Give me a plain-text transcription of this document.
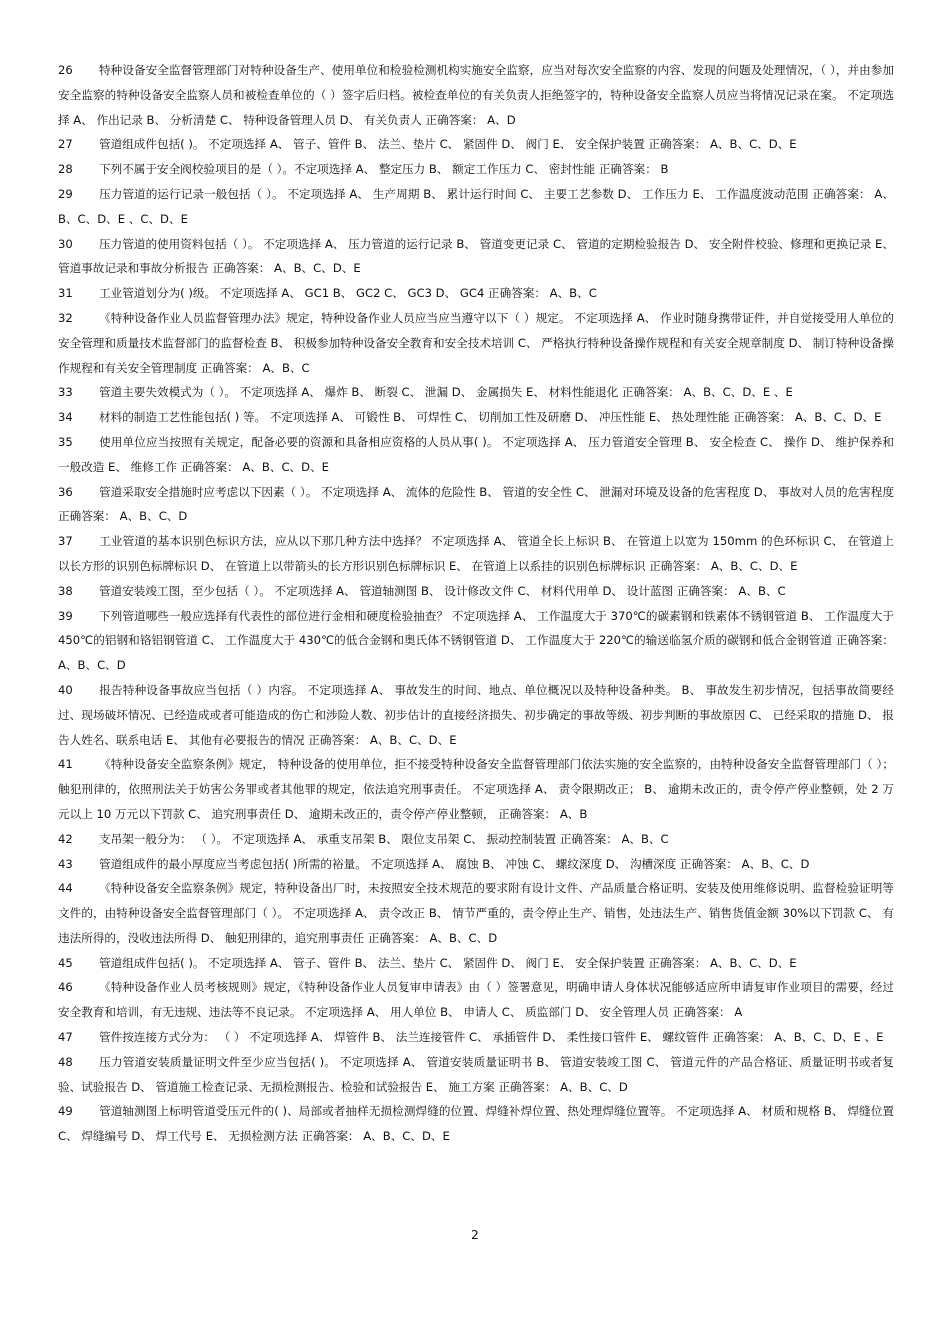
26 特种设备安全监督管理部门对特种设备生产、使用单位和检验检测机构实施安全监察，应当对每次安全监察的内容、发现的问题及处理情况，（ ），并由参加安全监察的特种设备安全监察人员和被检查单位的（ ）签字后归档。被检查单位的有关负责人拒绝签字的，特种设备安全监察人员应当将情况记录在案。 不定项选择 A、 作出记录 B、 分析清楚 C、 特种设备管理人员 D、 有关负责人 正确答案： A、D

27 管道组成件包括( )。 不定项选择 A、 管子、管件 B、 法兰、垫片 C、 紧固件 D、 阀门 E、 安全保护装置 正确答案： A、B、C、D、E

28 下列不属于安全阀校验项目的是（ ）。不定项选择 A、 整定压力 B、 额定工作压力 C、 密封性能 正确答案： B

29 压力管道的运行记录一般包括（ ）。 不定项选择 A、 生产周期 B、 累计运行时间 C、 主要工艺参数 D、 工作压力 E、 工作温度波动范围 正确答案： A、B、C、D、E 、C、D、E

30 压力管道的使用资料包括（ ）。 不定项选择 A、 压力管道的运行记录 B、 管道变更记录 C、 管道的定期检验报告 D、 安全附件校验、修理和更换记录 E、 管道事故记录和事故分析报告 正确答案： A、B、C、D、E

31 工业管道划分为( )级。 不定项选择 A、 GC1 B、 GC2 C、 GC3 D、 GC4 正确答案： A、B、C

32 《特种设备作业人员监督管理办法》规定，特种设备作业人员应当应当遵守以下（ ）规定。 不定项选择 A、 作业时随身携带证件，并自觉接受用人单位的安全管理和质量技术监督部门的监督检查 B、 积极参加特种设备安全教育和安全技术培训 C、 严格执行特种设备操作规程和有关安全规章制度 D、 制订特种设备操作规程和有关安全管理制度 正确答案： A、B、C

33 管道主要失效模式为（ ）。 不定项选择 A、 爆炸 B、 断裂 C、 泄漏 D、 金属损失 E、 材料性能退化 正确答案： A、B、C、D、E 、E

34 材料的制造工艺性能包括( ) 等。 不定项选择 A、 可锻性 B、 可焊性 C、 切削加工性及研磨 D、 冲压性能 E、 热处理性能 正确答案： A、B、C、D、E

35 使用单位应当按照有关规定，配备必要的资源和具备相应资格的人员从事( )。 不定项选择 A、 压力管道安全管理 B、 安全检查 C、 操作 D、 维护保养和一般改造 E、 维修工作 正确答案： A、B、C、D、E

36 管道采取安全措施时应考虑以下因素（ ）。 不定项选择 A、 流体的危险性 B、 管道的安全性 C、 泄漏对环境及设备的危害程度 D、 事故对人员的危害程度 正确答案： A、B、C、D

37 工业管道的基本识别色标识方法，应从以下那几种方法中选择？ 不定项选择 A、 管道全长上标识 B、 在管道上以宽为 150mm 的色环标识 C、 在管道上以长方形的识别色标牌标识 D、 在管道上以带箭头的长方形识别色标牌标识 E、 在管道上以系挂的识别色标牌标识 正确答案： A、B、C、D、E

38 管道安装竣工图，至少包括（ ）。 不定项选择 A、 管道轴测图 B、 设计修改文件 C、 材料代用单 D、 设计蓝图 正确答案： A、B、C

39 下列管道哪些一般应选择有代表性的部位进行金相和硬度检验抽查？ 不定项选择 A、 工作温度大于 370℃的碳素钢和铁素体不锈钢管道 B、 工作温度大于 450℃的铝钢和铬铝钢管道 C、 工作温度大于 430℃的低合金钢和奥氏体不锈钢管道 D、 工作温度大于 220℃的输送临氢介质的碳钢和低合金钢管道 正确答案： A、B、C、D

40 报告特种设备事故应当包括（ ）内容。 不定项选择 A、 事故发生的时间、地点、单位概况以及特种设备种类。 B、 事故发生初步情况，包括事故简要经过、现场破坏情况、已经造成或者可能造成的伤亡和涉险人数、初步估计的直接经济损失、初步确定的事故等级、初步判断的事故原因 C、 已经采取的措施 D、 报告人姓名、联系电话 E、 其他有必要报告的情况 正确答案： A、B、C、D、E

41 《特种设备安全监察条例》规定， 特种设备的使用单位，拒不接受特种设备安全监督管理部门依法实施的安全监察的，由特种设备安全监督管理部门（ ）；触犯刑律的，依照刑法关于妨害公务罪或者其他罪的规定，依法追究刑事责任。 不定项选择 A、 责令限期改正； B、 逾期未改正的，责令停产停业整顿，处 2 万元以上 10 万元以下罚款 C、 追究刑事责任 D、 逾期未改正的，责令停产停业整顿， 正确答案： A、B

42 支吊架一般分为： （ ）。 不定项选择 A、 承重支吊架 B、 限位支吊架 C、 振动控制装置 正确答案： A、B、C

43 管道组成件的最小厚度应当考虑包括( )所需的裕量。 不定项选择 A、 腐蚀 B、 冲蚀 C、 螺纹深度 D、 沟槽深度 正确答案： A、B、C、D

44 《特种设备安全监察条例》规定，特种设备出厂时，未按照安全技术规范的要求附有设计文件、产品质量合格证明、安装及使用维修说明、监督检验证明等文件的，由特种设备安全监督管理部门（ ）。 不定项选择 A、 责令改正 B、 情节严重的，责令停止生产、销售，处违法生产、销售货值金额 30%以下罚款 C、 有违法所得的，没收违法所得 D、 触犯刑律的，追究刑事责任 正确答案： A、B、C、D

45 管道组成件包括( )。 不定项选择 A、 管子、管件 B、 法兰、垫片 C、 紧固件 D、 阀门 E、 安全保护装置 正确答案： A、B、C、D、E

46 《特种设备作业人员考核规则》规定，《特种设备作业人员复审申请表》由（ ）签署意见，明确申请人身体状况能够适应所申请复审作业项目的需要，经过安全教育和培训，有无违规、违法等不良记录。 不定项选择 A、 用人单位 B、 申请人 C、 质监部门 D、 安全管理人员 正确答案： A

47 管件按连接方式分为： （ ） 不定项选择 A、 焊管件 B、 法兰连接管件 C、 承插管件 D、 柔性接口管件 E、 螺纹管件 正确答案： A、B、C、D、E 、E

48 压力管道安装质量证明文件至少应当包括( )。 不定项选择 A、 管道安装质量证明书 B、 管道安装竣工图 C、 管道元件的产品合格证、质量证明书或者复验、试验报告 D、 管道施工检查记录、无损检测报告、检验和试验报告 E、 施工方案 正确答案： A、B、C、D

49 管道轴测图上标明管道受压元件的( )、局部或者抽样无损检测焊缝的位置、焊缝补焊位置、热处理焊缝位置等。 不定项选择 A、 材质和规格 B、 焊缝位置 C、 焊缝编号 D、 焊工代号 E、 无损检测方法 正确答案： A、B、C、D、E

2
